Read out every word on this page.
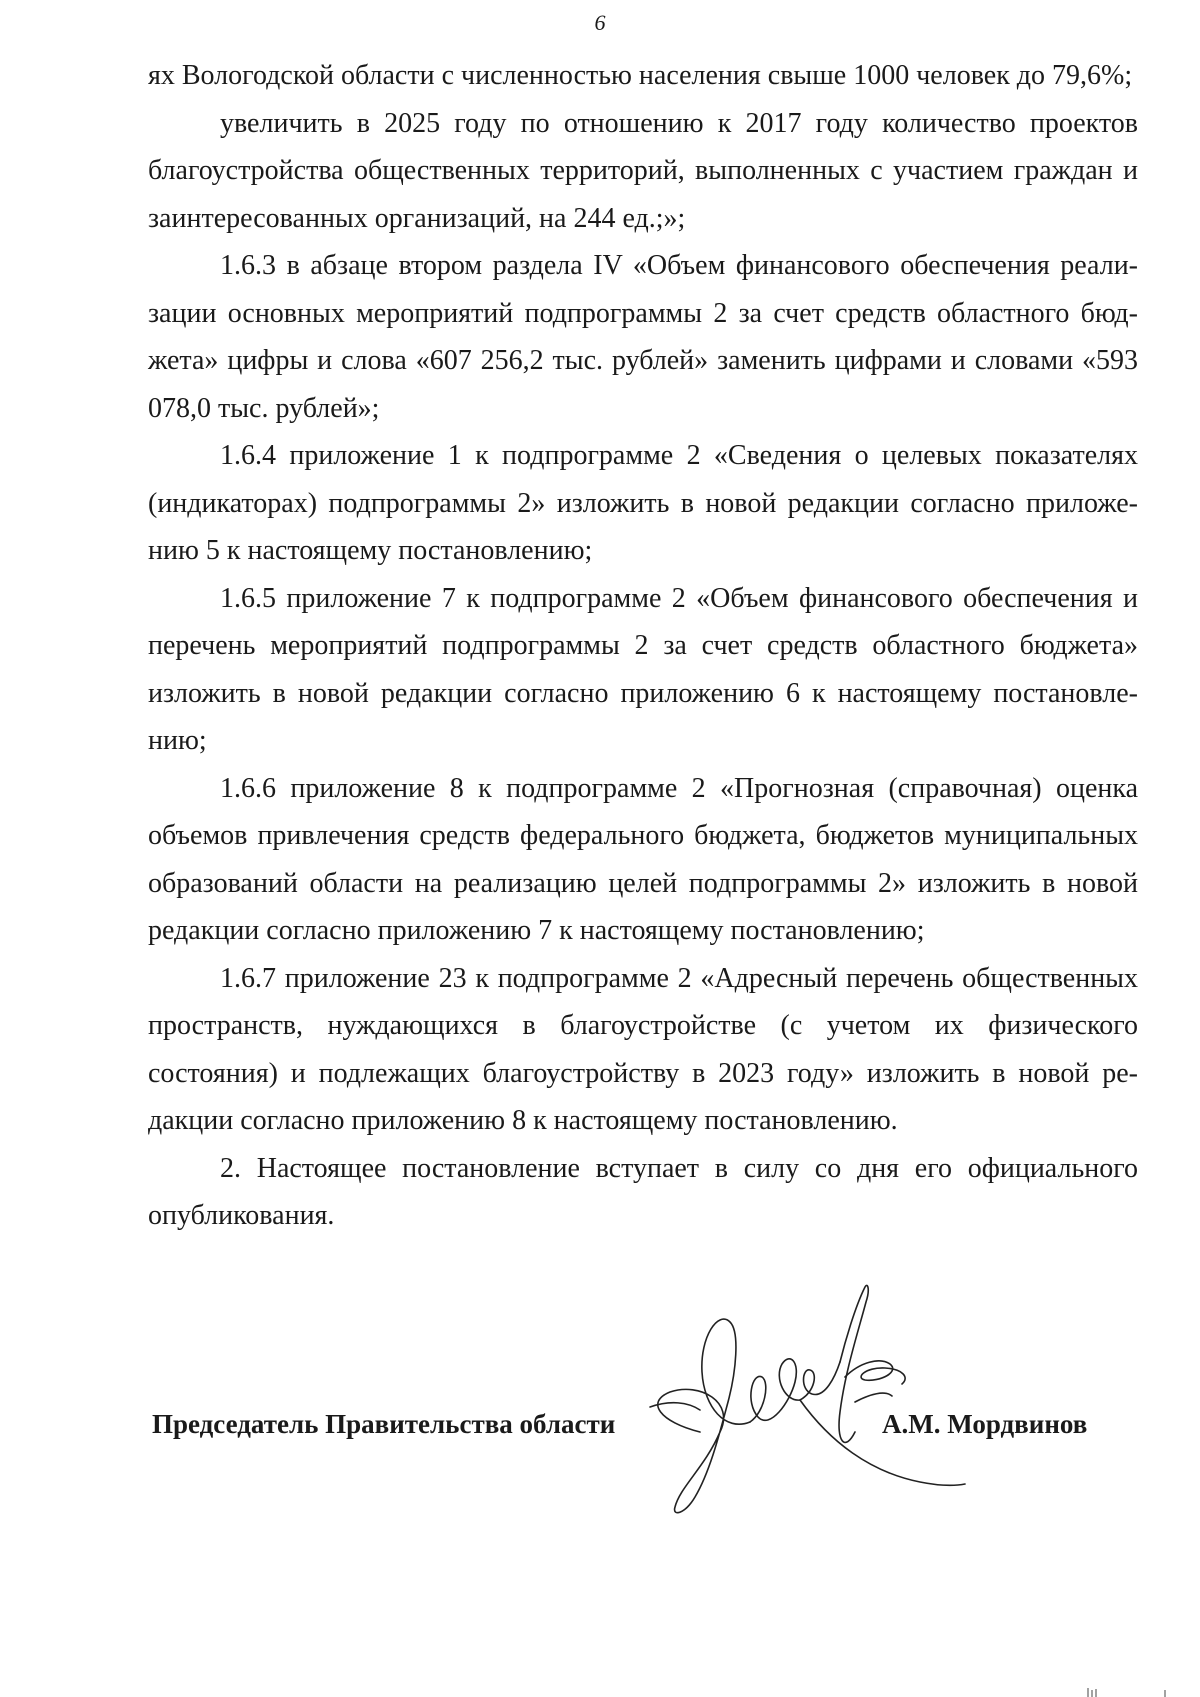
6

ях Вологодской области с численностью населения свыше 1000 человек до 79,6%;

увеличить в 2025 году по отношению к 2017 году количество проектов благоустройства общественных территорий, выполненных с участием граждан и заинтересованных организаций, на 244 ед.;»;

1.6.3 в абзаце втором раздела IV «Объем финансового обеспечения реализации основных мероприятий подпрограммы 2 за счет средств областного бюджета» цифры и слова «607 256,2 тыс. рублей» заменить цифрами и словами «593 078,0 тыс. рублей»;

1.6.4 приложение 1 к подпрограмме 2 «Сведения о целевых показателях (индикаторах) подпрограммы 2» изложить в новой редакции согласно приложению 5 к настоящему постановлению;

1.6.5 приложение 7 к подпрограмме 2 «Объем финансового обеспечения и перечень мероприятий подпрограммы 2 за счет средств областного бюджета» изложить в новой редакции согласно приложению 6 к настоящему постановлению;

1.6.6 приложение 8 к подпрограмме 2 «Прогнозная (справочная) оценка объемов привлечения средств федерального бюджета, бюджетов муниципальных образований области на реализацию целей подпрограммы 2» изложить в новой редакции согласно приложению 7 к настоящему постановлению;

1.6.7 приложение 23 к подпрограмме 2 «Адресный перечень общественных пространств, нуждающихся в благоустройстве (с учетом их физического состояния) и подлежащих благоустройству в 2023 году» изложить в новой редакции согласно приложению 8 к настоящему постановлению.

2. Настоящее постановление вступает в силу со дня его официального опубликования.

Председатель Правительства области	А.М. Мордвинов
